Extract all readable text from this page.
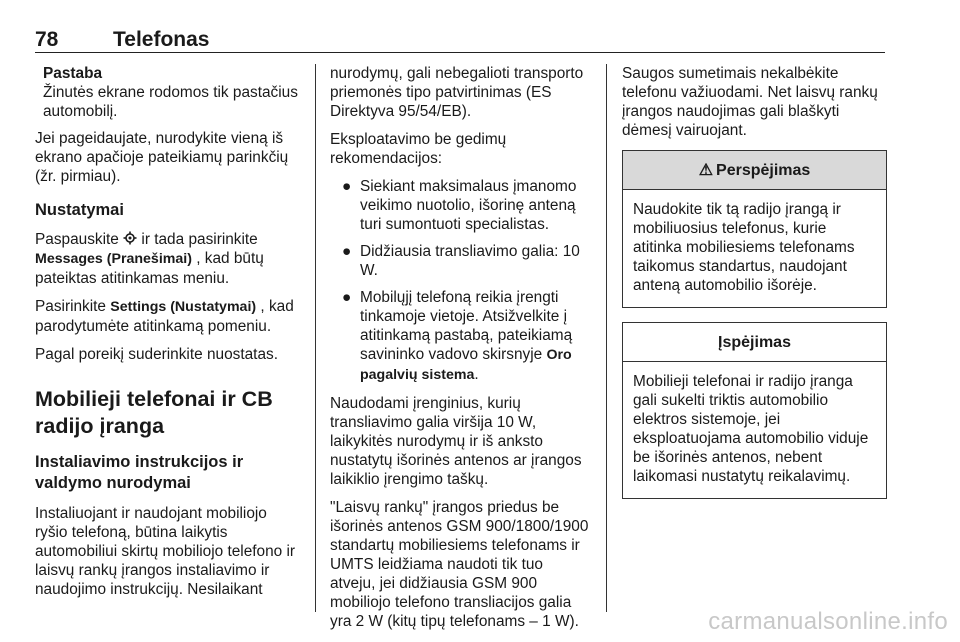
78	Telefonas

Pastaba
Žinutės ekrane rodomos tik pastačius automobilį.

Jei pageidaujate, nurodykite vieną iš ekrano apačioje pateikiamų parinkčių (žr. pirmiau).

Nustatymai

Paspauskite  ir tada pasirinkite Messages (Pranešimai) , kad būtų pateiktas atitinkamas meniu.

Pasirinkite Settings (Nustatymai) , kad parodytumėte atitinkamą pomeniu.

Pagal poreikį suderinkite nuostatas.

Mobilieji telefonai ir CB radijo įranga
Instaliavimo instrukcijos ir valdymo nurodymai

Instaliuojant ir naudojant mobiliojo ryšio telefoną, būtina laikytis automobiliui skirtų mobiliojo telefono ir laisvų rankų įrangos instaliavimo ir naudojimo instrukcijų. Nesilaikant

nurodymų, gali nebegalioti transporto priemonės tipo patvirtinimas (ES Direktyva 95/54/EB).

Eksploatavimo be gedimų rekomendacijos:

● Siekiant maksimalaus įmanomo veikimo nuotolio, išorinę anteną turi sumontuoti specialistas.
● Didžiausia transliavimo galia: 10 W.
● Mobilųjį telefoną reikia įrengti tinkamoje vietoje. Atsižvelkite į atitinkamą pastabą, pateikiamą savininko vadovo skirsnyje Oro pagalvių sistema.

Naudodami įrenginius, kurių transliavimo galia viršija 10 W, laikykitės nurodymų ir iš anksto nustatytų išorinės antenos ar įrangos laikiklio įrengimo taškų.

"Laisvų rankų" įrangos priedus be išorinės antenos GSM 900/1800/1900 standartų mobiliesiems telefonams ir UMTS leidžiama naudoti tik tuo atveju, jei didžiausia GSM 900 mobiliojo telefono transliacijos galia yra 2 W (kitų tipų telefonams – 1 W).

Saugos sumetimais nekalbėkite telefonu važiuodami. Net laisvų rankų įrangos naudojimas gali blaškyti dėmesį vairuojant.

⚠ Perspėjimas
Naudokite tik tą radijo įrangą ir mobiliuosius telefonus, kurie atitinka mobiliesiems telefonams taikomus standartus, naudojant anteną automobilio išorėje.
Įspėjimas
Mobilieji telefonai ir radijo įranga gali sukelti triktis automobilio elektros sistemoje, jei eksploatuojama automobilio viduje be išorinės antenos, nebent laikomasi nustatytų reikalavimų.
carmanualsonline.info
